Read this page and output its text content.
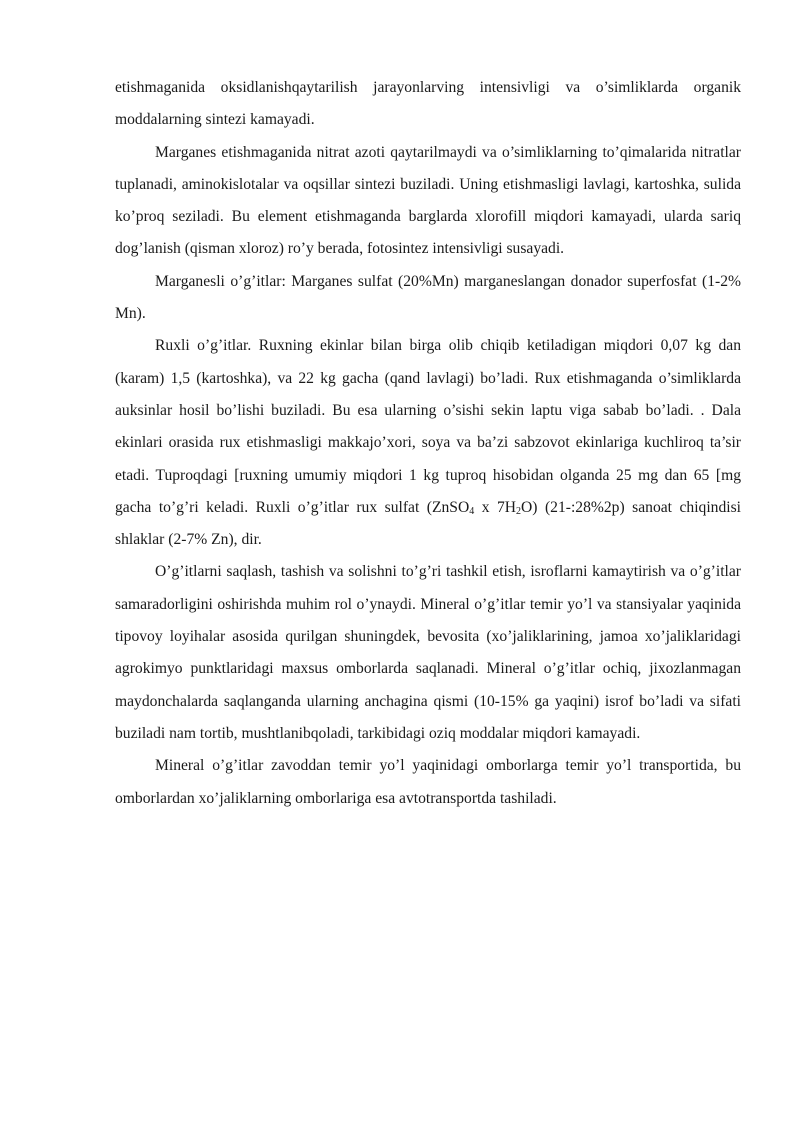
etishmaganida oksidlanishqaytarilish jarayonlarving intensivligi va o’simliklarda organik moddalarning sintezi kamayadi.

Marganes etishmaganida nitrat azoti qaytarilmaydi va o’simliklarning to’qimalarida nitratlar tuplanadi, aminokislotalar va oqsillar sintezi buziladi. Uning etishmasligi lavlagi, kartoshka, sulida ko’proq seziladi. Bu element etishmaganda barglarda xlorofill miqdori kamayadi, ularda sariq dog’lanish (qisman xloroz) ro’y berada, fotosintez intensivligi susayadi.

Marganesli o’g’itlar: Marganes sulfat (20%Mn) marganeslangan donador superfosfat (1-2% Mn).

Ruxli o’g’itlar. Ruxning ekinlar bilan birga olib chiqib ketiladigan miqdori 0,07 kg dan (karam) 1,5 (kartoshka), va 22 kg gacha (qand lavlagi) bo’ladi. Rux etishmaganda o’simliklarda auksinlar hosil bo’lishi buziladi. Bu esa ularning o’sishi sekin laptu viga sabab bo’ladi. . Dala ekinlari orasida rux etishmasligi makkajo’xori, soya va ba’zi sabzovot ekinlariga kuchliroq ta’sir etadi. Tuproqdagi [ruxning umumiy miqdori 1 kg tuproq hisobidan olganda 25 mg dan 65 [mg gacha to’g’ri keladi. Ruxli o’g’itlar rux sulfat (ZnSO$_4$ x $7H_2O$) (21-:28%2p) sanoat chiqindisi shlaklar (2-7% Zn), dir.

O’g’itlarni saqlash, tashish va solishni to’g’ri tashkil etish, isroflarni kamaytirish va o’g’itlar samaradorligini oshirishda muhim rol o’ynaydi. Mineral o’g’itlar temir yo’l va stansiyalar yaqinida tipovoy loyihalar asosida qurilgan shuningdek, bevosita (xo’jaliklarining, jamoa xo’jaliklaridagi agrokimyo punktlaridagi maxsus omborlarda saqlanadi. Mineral o’g’itlar ochiq, jixozlanmagan maydonchalarda saqlanganda ularning anchagina qismi (10-15% ga yaqini) isrof bo’ladi va sifati buziladi nam tortib, mushtlanibqoladi, tarkibidagi oziq moddalar miqdori kamayadi.

Mineral o’g’itlar zavoddan temir yo’l yaqinidagi omborlarga temir yo’l transportida, bu omborlardan xo’jaliklarning omborlariga esa avtotransportda tashiladi.
